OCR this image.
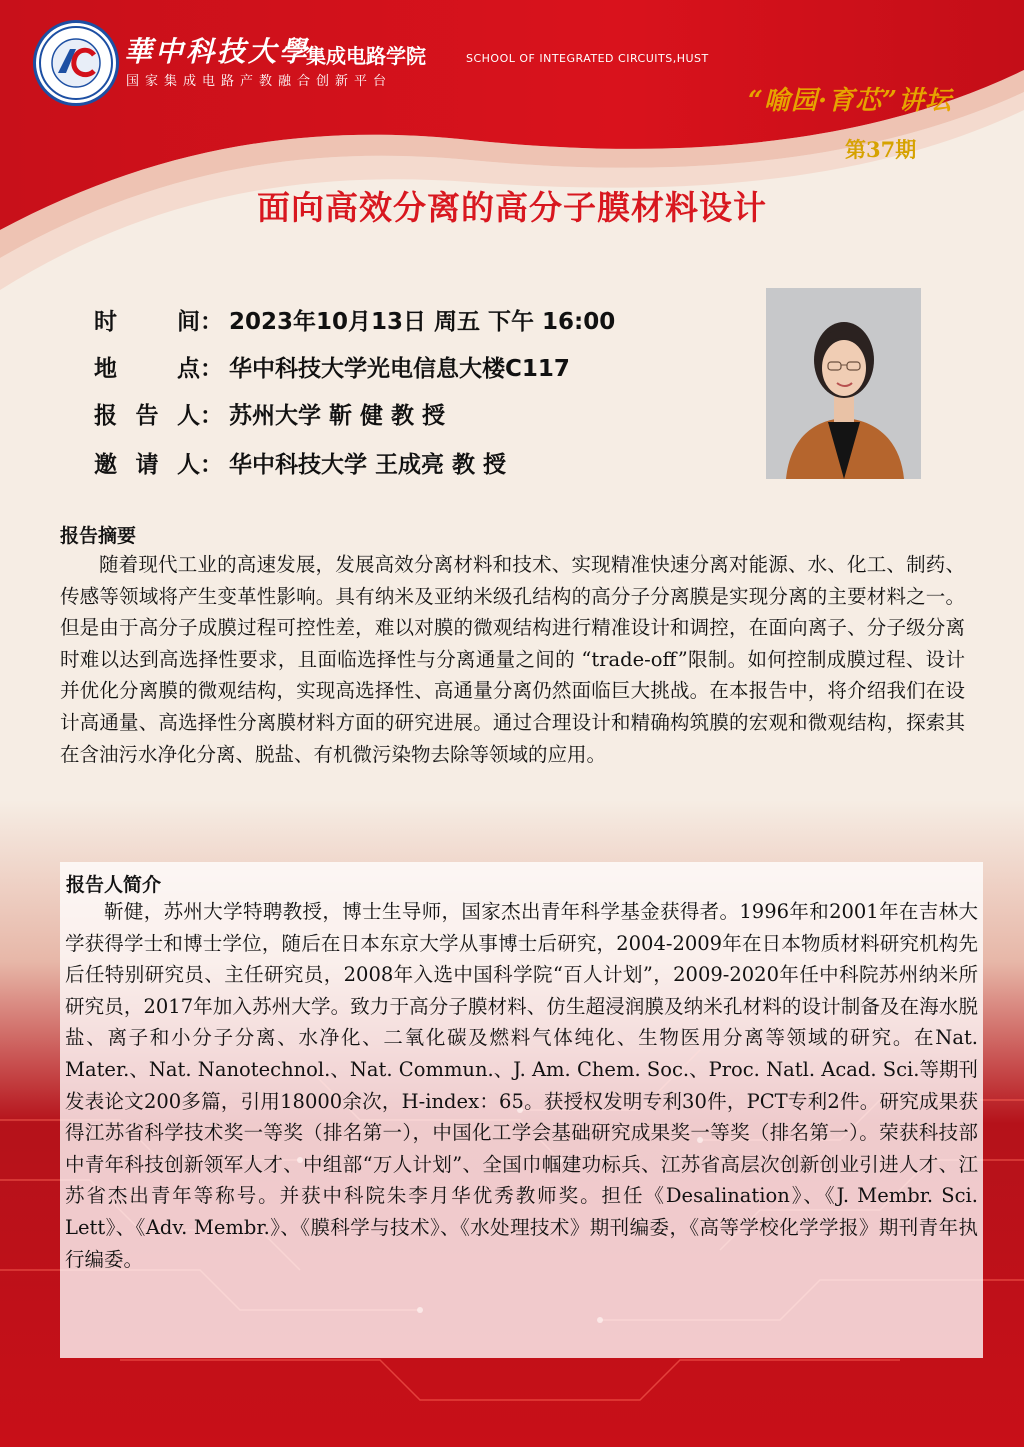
華中科技大學
集成电路学院
国家集成电路产教融合创新平台
SCHOOL OF INTEGRATED CIRCUITS,HUST
“喻园·育芯”讲坛
第37期
面向高效分离的高分子膜材料设计
时 间： 2023年10月13日 周五 下午 16:00
地 点： 华中科技大学光电信息大楼C117
报告人： 苏州大学 靳 健 教 授
邀请人： 华中科技大学 王成亮 教 授
报告摘要
随着现代工业的高速发展，发展高效分离材料和技术、实现精准快速分离对能源、水、化工、制药、传感等领域将产生变革性影响。具有纳米及亚纳米级孔结构的高分子分离膜是实现分离的主要材料之一。但是由于高分子成膜过程可控性差，难以对膜的微观结构进行精准设计和调控，在面向离子、分子级分离时难以达到高选择性要求，且面临选择性与分离通量之间的 “trade-off”限制。如何控制成膜过程、设计并优化分离膜的微观结构，实现高选择性、高通量分离仍然面临巨大挑战。在本报告中，将介绍我们在设计高通量、高选择性分离膜材料方面的研究进展。通过合理设计和精确构筑膜的宏观和微观结构，探索其在含油污水净化分离、脱盐、有机微污染物去除等领域的应用。
报告人简介
靳健，苏州大学特聘教授，博士生导师，国家杰出青年科学基金获得者。1996年和2001年在吉林大学获得学士和博士学位，随后在日本东京大学从事博士后研究，2004-2009年在日本物质材料研究机构先后任特别研究员、主任研究员，2008年入选中国科学院“百人计划”，2009-2020年任中科院苏州纳米所研究员，2017年加入苏州大学。致力于高分子膜材料、仿生超浸润膜及纳米孔材料的设计制备及在海水脱盐、离子和小分子分离、水净化、二氧化碳及燃料气体纯化、生物医用分离等领域的研究。在Nat. Mater.、Nat. Nanotechnol.、Nat. Commun.、J. Am. Chem. Soc.、Proc. Natl. Acad. Sci.等期刊发表论文200多篇，引用18000余次，H-index：65。获授权发明专利30件，PCT专利2件。研究成果获得江苏省科学技术奖一等奖（排名第一），中国化工学会基础研究成果奖一等奖（排名第一）。荣获科技部中青年科技创新领军人才、中组部“万人计划”、全国巾帼建功标兵、江苏省高层次创新创业引进人才、江苏省杰出青年等称号。并获中科院朱李月华优秀教师奖。担任《Desalination》、《J. Membr. Sci. Lett》、《Adv. Membr.》、《膜科学与技术》、《水处理技术》期刊编委，《高等学校化学学报》期刊青年执行编委。
